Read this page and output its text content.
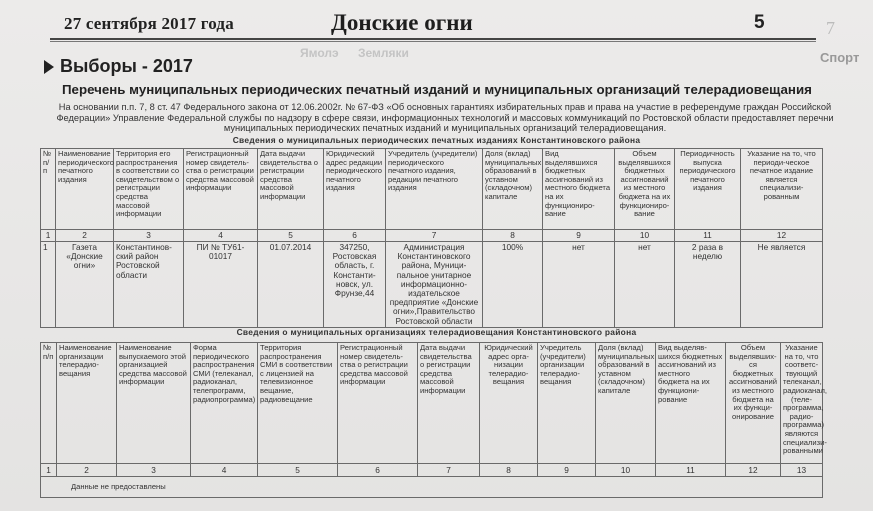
27 сентября 2017 года	Донские огни	5	7
Спорт
Ямолэ Земляки
Выборы - 2017
Перечень муниципальных периодических печатный изданий и муниципальных организаций телерадиовещания
На основании п.п. 7, 8 ст. 47 Федерального закона от 12.06.2002г. № 67-ФЗ «Об основных гарантиях избирательных прав и права на участие в референдуме граждан Российской Федерации» Управление Федеральной службы по надзору в сфере связи, информационных технологий и массовых коммуникаций по Ростовской области предоставляет перечни муниципальных периодических печатных изданий и муниципальных организаций телерадиовещания.
Сведения о муниципальных периодических печатных изданиях Константиновского района
№ п/п	Наименование периодического печатного издания	Территория его распространения в соответствии со свидетельством о регистрации средства массовой информации	Регистрационный номер свидетель-ства о регистрации средства массовой информации	Дата выдачи свидетельства о регистрации средства массовой информации	Юридический адрес редакции периодического печатного издания	Учредитель (учредители) периодического печатного издания, редакции печатного издания	Доля (вклад) муниципальных образований в уставном (складочном) капитале	Вид выделявшихся бюджетных ассигнований из местного бюджета на их функциониро-вание	Объем выделявшихся бюджетных ассигнований из местного бюджета на их функциониро-вание	Периодичность выпуска периодического печатного издания	Указание на то, что периоди-ческое печатное издание является специализи-рованным
1	2	3	4	5	6	7	8	9	10	11	12
1	Газета «Донские огни»	Константинов-ский район Ростовской области	ПИ № ТУ61-01017	01.07.2014	347250, Ростовская область, г. Константи-новск, ул. Фрунзе,44	Администрация Константиновского района, Муници-пальное унитарное информационно-издательское предприятие «Донские огни»,Правительство Ростовской области	100%	нет	нет	2 раза в неделю	Не является
Сведения о муниципальных организациях телерадиовещания Константиновского района
№ п/п	Наименование организации телерадио-вещания	Наименование выпускаемого этой организацией средства массовой информации	Форма периодического распространения СМИ (телеканал, радиоканал, телепрограмм, радиопрограмма)	Территория распространения СМИ в соответствии с лицензией на телевизионное вещание, радиовещание	Регистрационный номер свидетель-ства о регистрации средства массовой информации	Дата выдачи свидетельства о регистрации средства массовой информации	Юридический адрес орга-низации телерадио-вещания	Учредитель (учредители) организации телерадио-вещания	Доля (вклад) муниципальных образований в уставном (складочном) капитале	Вид выделяв-шихся бюджетных ассигнований из местного бюджета на их функциони-рование	Объем выделявших-ся бюджетных ассигнований из местного бюджета на их функци-онирование	Указание на то, что соответс-твующий телеканал, радиоканал, (теле-программа, радио-программа) являются специализи-рованными
1	2	3	4	5	6	7	8	9	10	11	12	13
Данные не предоставлены												
